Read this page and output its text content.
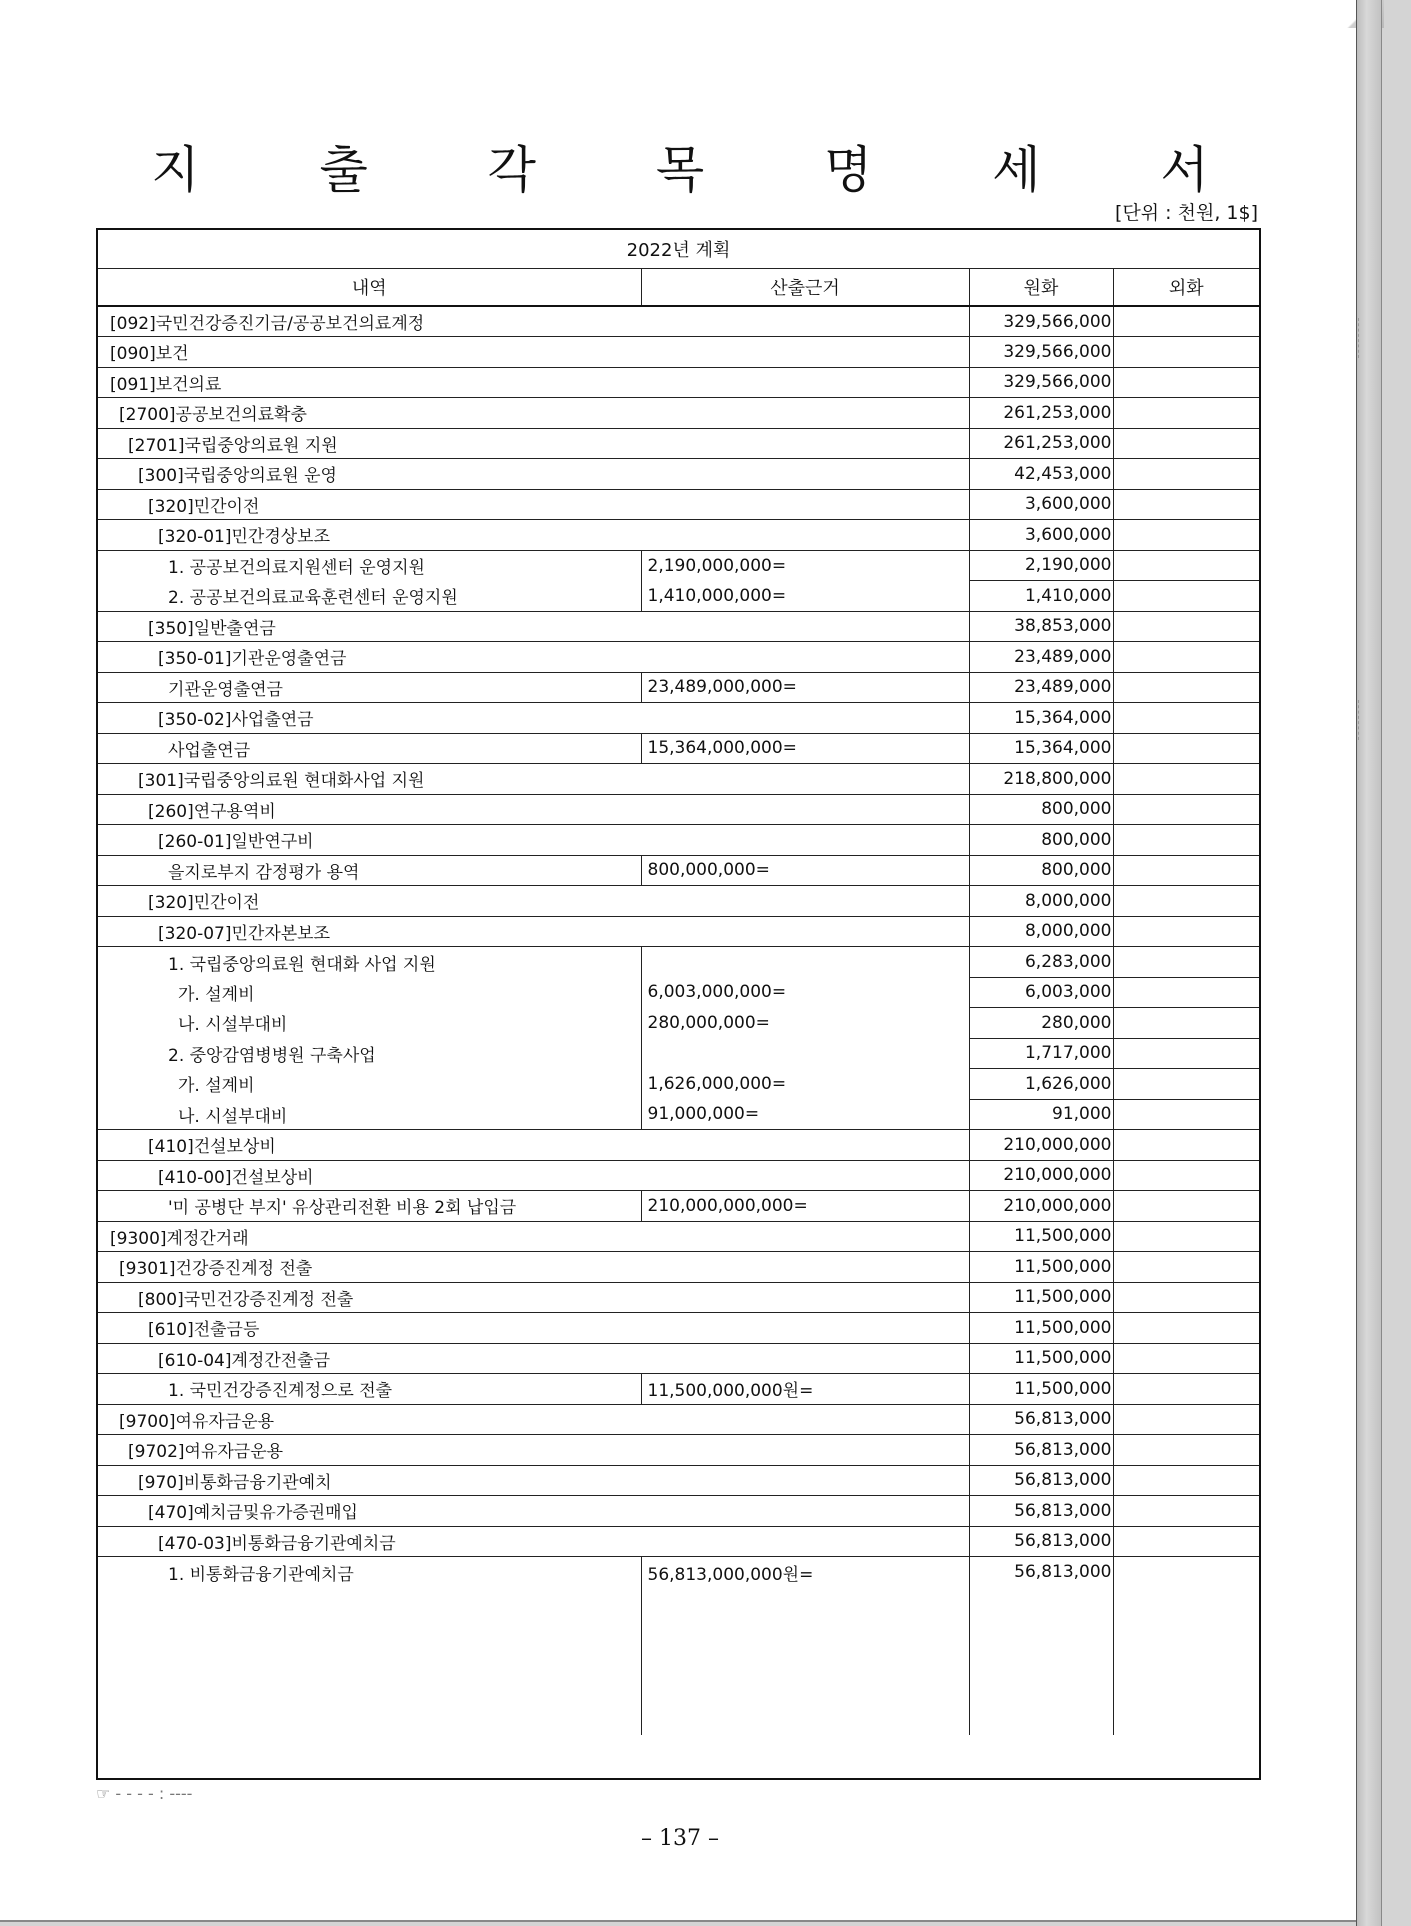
지 출 각 목 명 세 서
[단위 : 천원, 1$]
2022년 계획			
내역	산출근거	원화	외화
[092]국민건강증진기금/공공보건의료계정		329,566,000	
[090]보건		329,566,000	
[091]보건의료		329,566,000	
[2700]공공보건의료확충		261,253,000	
[2701]국립중앙의료원 지원		261,253,000	
[300]국립중앙의료원 운영		42,453,000	
[320]민간이전		3,600,000	
[320-01]민간경상보조		3,600,000	
1. 공공보건의료지원센터 운영지원	2,190,000,000=	2,190,000	
2. 공공보건의료교육훈련센터 운영지원	1,410,000,000=	1,410,000	
[350]일반출연금		38,853,000	
[350-01]기관운영출연금		23,489,000	
기관운영출연금	23,489,000,000=	23,489,000	
[350-02]사업출연금		15,364,000	
사업출연금	15,364,000,000=	15,364,000	
[301]국립중앙의료원 현대화사업 지원		218,800,000	
[260]연구용역비		800,000	
[260-01]일반연구비		800,000	
을지로부지 감정평가 용역	800,000,000=	800,000	
[320]민간이전		8,000,000	
[320-07]민간자본보조		8,000,000	
1. 국립중앙의료원 현대화 사업 지원		6,283,000	
가. 설계비	6,003,000,000=	6,003,000	
나. 시설부대비	280,000,000=	280,000	
2. 중앙감염병병원 구축사업		1,717,000	
가. 설계비	1,626,000,000=	1,626,000	
나. 시설부대비	91,000,000=	91,000	
[410]건설보상비		210,000,000	
[410-00]건설보상비		210,000,000	
'미 공병단 부지' 유상관리전환 비용 2회 납입금	210,000,000,000=	210,000,000	
[9300]계정간거래		11,500,000	
[9301]건강증진계정 전출		11,500,000	
[800]국민건강증진계정 전출		11,500,000	
[610]전출금등		11,500,000	
[610-04]계정간전출금		11,500,000	
1. 국민건강증진계정으로 전출	11,500,000,000원=	11,500,000	
[9700]여유자금운용		56,813,000	
[9702]여유자금운용		56,813,000	
[970]비통화금융기관예치		56,813,000	
[470]예치금및유가증권매입		56,813,000	
[470-03]비통화금융기관예치금		56,813,000	
1. 비통화금융기관예치금	56,813,000,000원=	56,813,000	

☞ - - - - : ----
– 137 –
